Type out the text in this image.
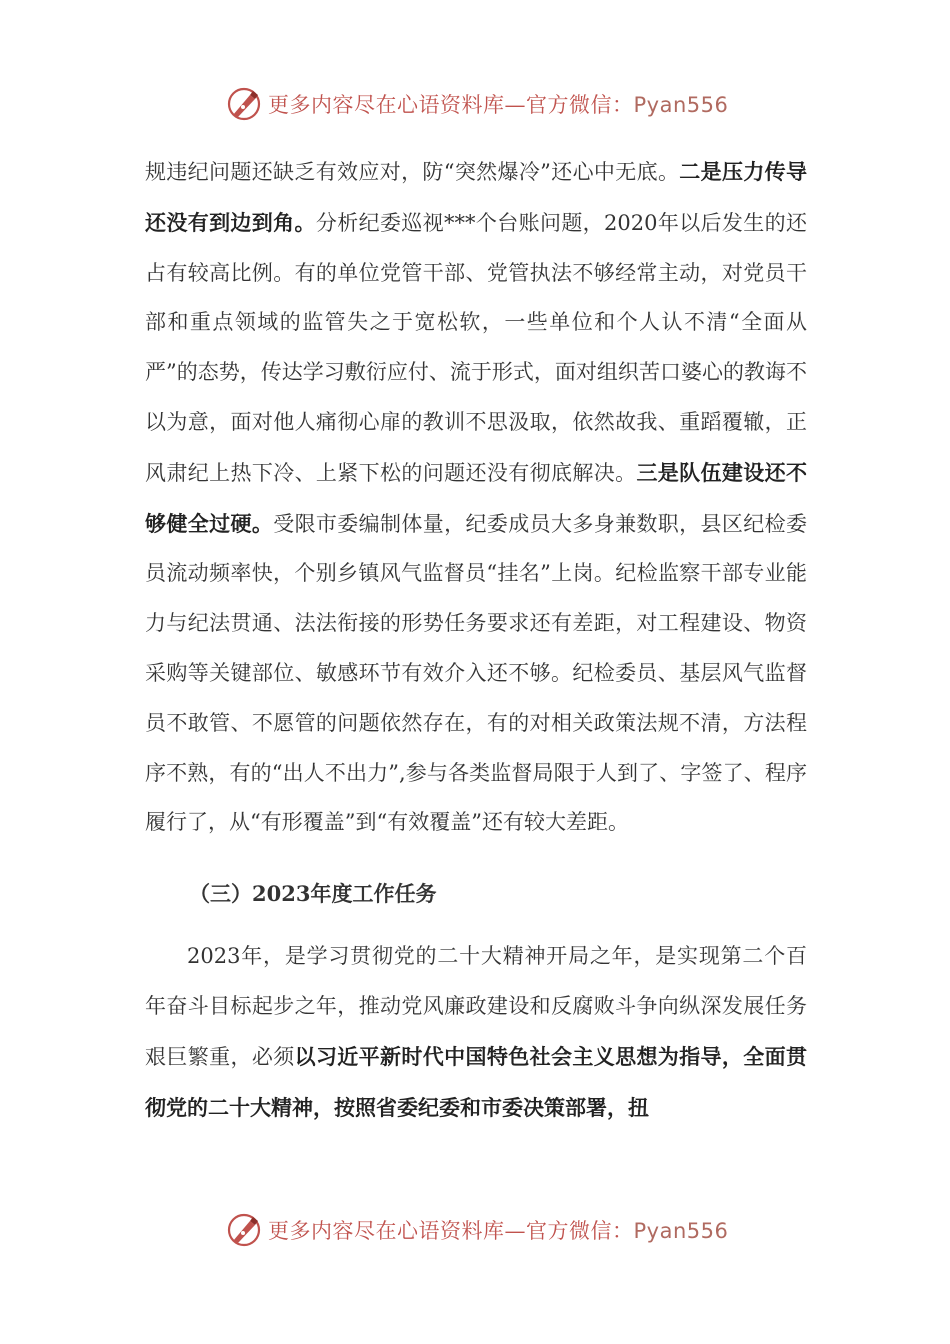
更多内容尽在心语资料库—官方微信：Pyan556

规违纪问题还缺乏有效应对，防“突然爆冷”还心中无底。二是压力传导还没有到边到角。分析纪委巡视***个台账问题，2020年以后发生的还占有较高比例。有的单位党管干部、党管执法不够经常主动，对党员干部和重点领域的监管失之于宽松软，一些单位和个人认不清“全面从严”的态势，传达学习敷衍应付、流于形式，面对组织苦口婆心的教诲不以为意，面对他人痛彻心扉的教训不思汲取，依然故我、重蹈覆辙，正风肃纪上热下冷、上紧下松的问题还没有彻底解决。三是队伍建设还不够健全过硬。受限市委编制体量，纪委成员大多身兼数职，县区纪检委员流动频率快，个别乡镇风气监督员“挂名”上岗。纪检监察干部专业能力与纪法贯通、法法衔接的形势任务要求还有差距，对工程建设、物资采购等关键部位、敏感环节有效介入还不够。纪检委员、基层风气监督员不敢管、不愿管的问题依然存在，有的对相关政策法规不清，方法程序不熟，有的“出人不出力”,参与各类监督局限于人到了、字签了、程序履行了，从“有形覆盖”到“有效覆盖”还有较大差距。

（三）2023年度工作任务

2023年，是学习贯彻党的二十大精神开局之年，是实现第二个百年奋斗目标起步之年，推动党风廉政建设和反腐败斗争向纵深发展任务艰巨繁重，必须以习近平新时代中国特色社会主义思想为指导，全面贯彻党的二十大精神，按照省委纪委和市委决策部署，扭

更多内容尽在心语资料库—官方微信：Pyan556
